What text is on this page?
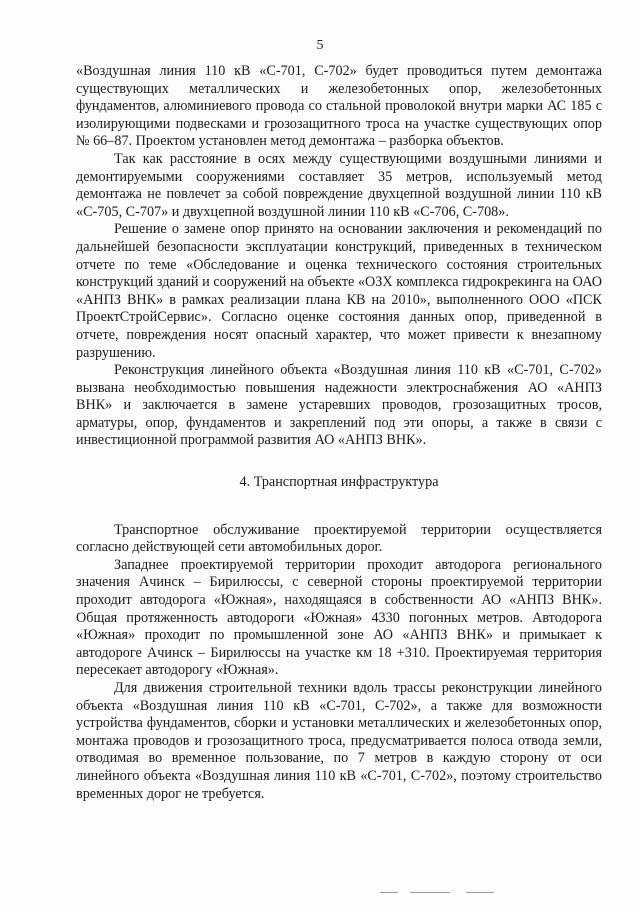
5

«Воздушная линия 110 кВ «С-701, С-702» будет проводиться путем демонтажа существующих металлических и железобетонных опор, железобетонных фундаментов, алюминиевого провода со стальной проволокой внутри марки АС 185 с изолирующими подвесками и грозозащитного троса на участке существующих опор № 66–87. Проектом установлен метод демонтажа – разборка объектов.

Так как расстояние в осях между существующими воздушными линиями и демонтируемыми сооружениями составляет 35 метров, используемый метод демонтажа не повлечет за собой повреждение двухцепной воздушной линии 110 кВ «С-705, С-707» и двухцепной воздушной линии 110 кВ «С-706, С-708».

Решение о замене опор принято на основании заключения и рекомендаций по дальнейшей безопасности эксплуатации конструкций, приведенных в техническом отчете по теме «Обследование и оценка технического состояния строительных конструкций зданий и сооружений на объекте «ОЗХ комплекса гидрокрекинга на ОАО «АНПЗ ВНК» в рамках реализации плана КВ на 2010», выполненного ООО «ПСК ПроектСтройСервис». Согласно оценке состояния данных опор, приведенной в отчете, повреждения носят опасный характер, что может привести к внезапному разрушению.

Реконструкция линейного объекта «Воздушная линия 110 кВ «С-701, С-702» вызвана необходимостью повышения надежности электроснабжения АО «АНПЗ ВНК» и заключается в замене устаревших проводов, грозозащитных тросов, арматуры, опор, фундаментов и закреплений под эти опоры, а также в связи с инвестиционной программой развития АО «АНПЗ ВНК».

4. Транспортная инфраструктура

Транспортное обслуживание проектируемой территории осуществляется согласно действующей сети автомобильных дорог.

Западнее проектируемой территории проходит автодорога регионального значения Ачинск – Бирилюссы, с северной стороны проектируемой территории проходит автодорога «Южная», находящаяся в собственности АО «АНПЗ ВНК». Общая протяженность автодороги «Южная» 4330 погонных метров. Автодорога «Южная» проходит по промышленной зоне АО «АНПЗ ВНК» и примыкает к автодороге Ачинск – Бирилюссы на участке км 18 +310. Проектируемая территория пересекает автодорогу «Южная».

Для движения строительной техники вдоль трассы реконструкции линейного объекта «Воздушная линия 110 кВ «С-701, С-702», а также для возможности устройства фундаментов, сборки и установки металлических и железобетонных опор, монтажа проводов и грозозащитного троса, предусматривается полоса отвода земли, отводимая во временное пользование, по 7 метров в каждую сторону от оси линейного объекта «Воздушная линия 110 кВ «С-701, С-702», поэтому строительство временных дорог не требуется.
